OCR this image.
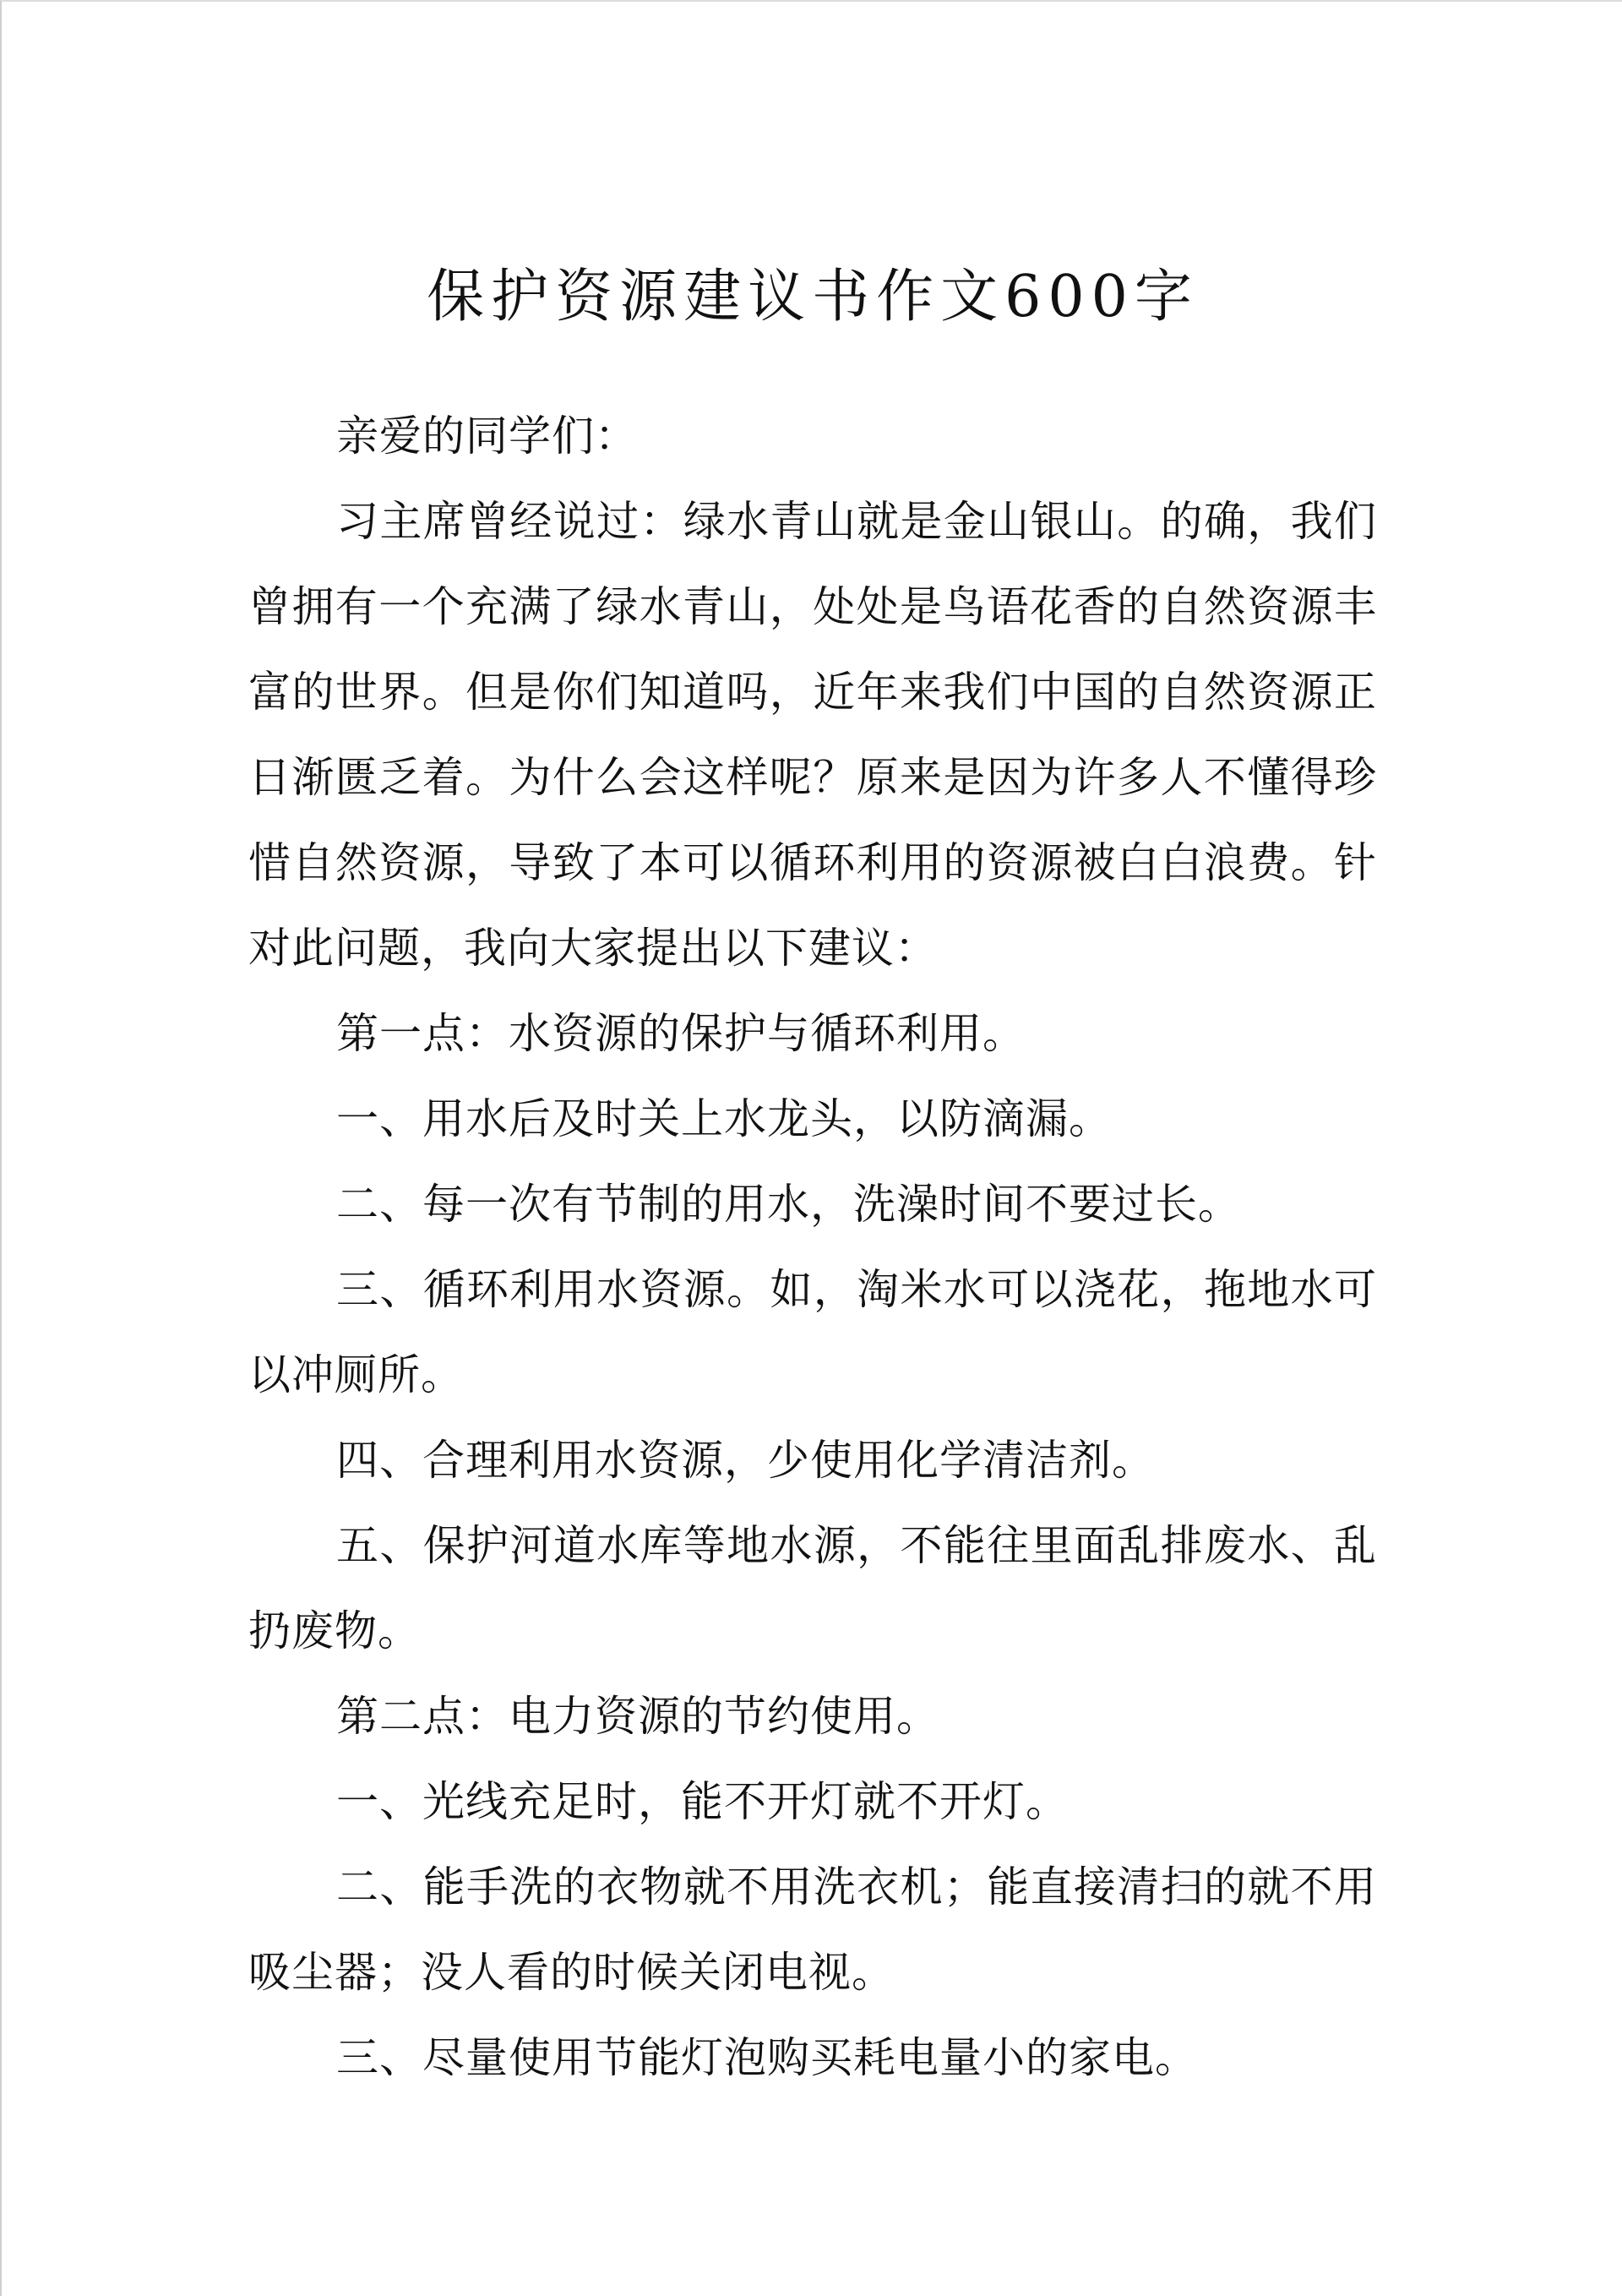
保护资源建议书作文600字

亲爱的同学们：

习主席曾经说过：绿水青山就是金山银山。的确，我们曾拥有一个充满了绿水青山，处处是鸟语花香的自然资源丰富的世界。但是你们知道吗，近年来我们中国的自然资源正日渐匮乏着。为什么会这样呢？原来是因为许多人不懂得珍惜自然资源，导致了本可以循环利用的资源被白白浪费。针对此问题，我向大家提出以下建议：

第一点：水资源的保护与循环利用。

一、用水后及时关上水龙头，以防滴漏。

二、每一次有节制的用水，洗澡时间不要过长。

三、循环利用水资源。如，淘米水可以浇花，拖地水可以冲厕所。

四、合理利用水资源，少使用化学清洁剂。

五、保护河道水库等地水源，不能往里面乱排废水、乱扔废物。

第二点：电力资源的节约使用。

一、光线充足时，能不开灯就不开灯。

二、能手洗的衣物就不用洗衣机；能直接清扫的就不用吸尘器；没人看的时候关闭电视。

三、尽量使用节能灯泡购买耗电量小的家电。
